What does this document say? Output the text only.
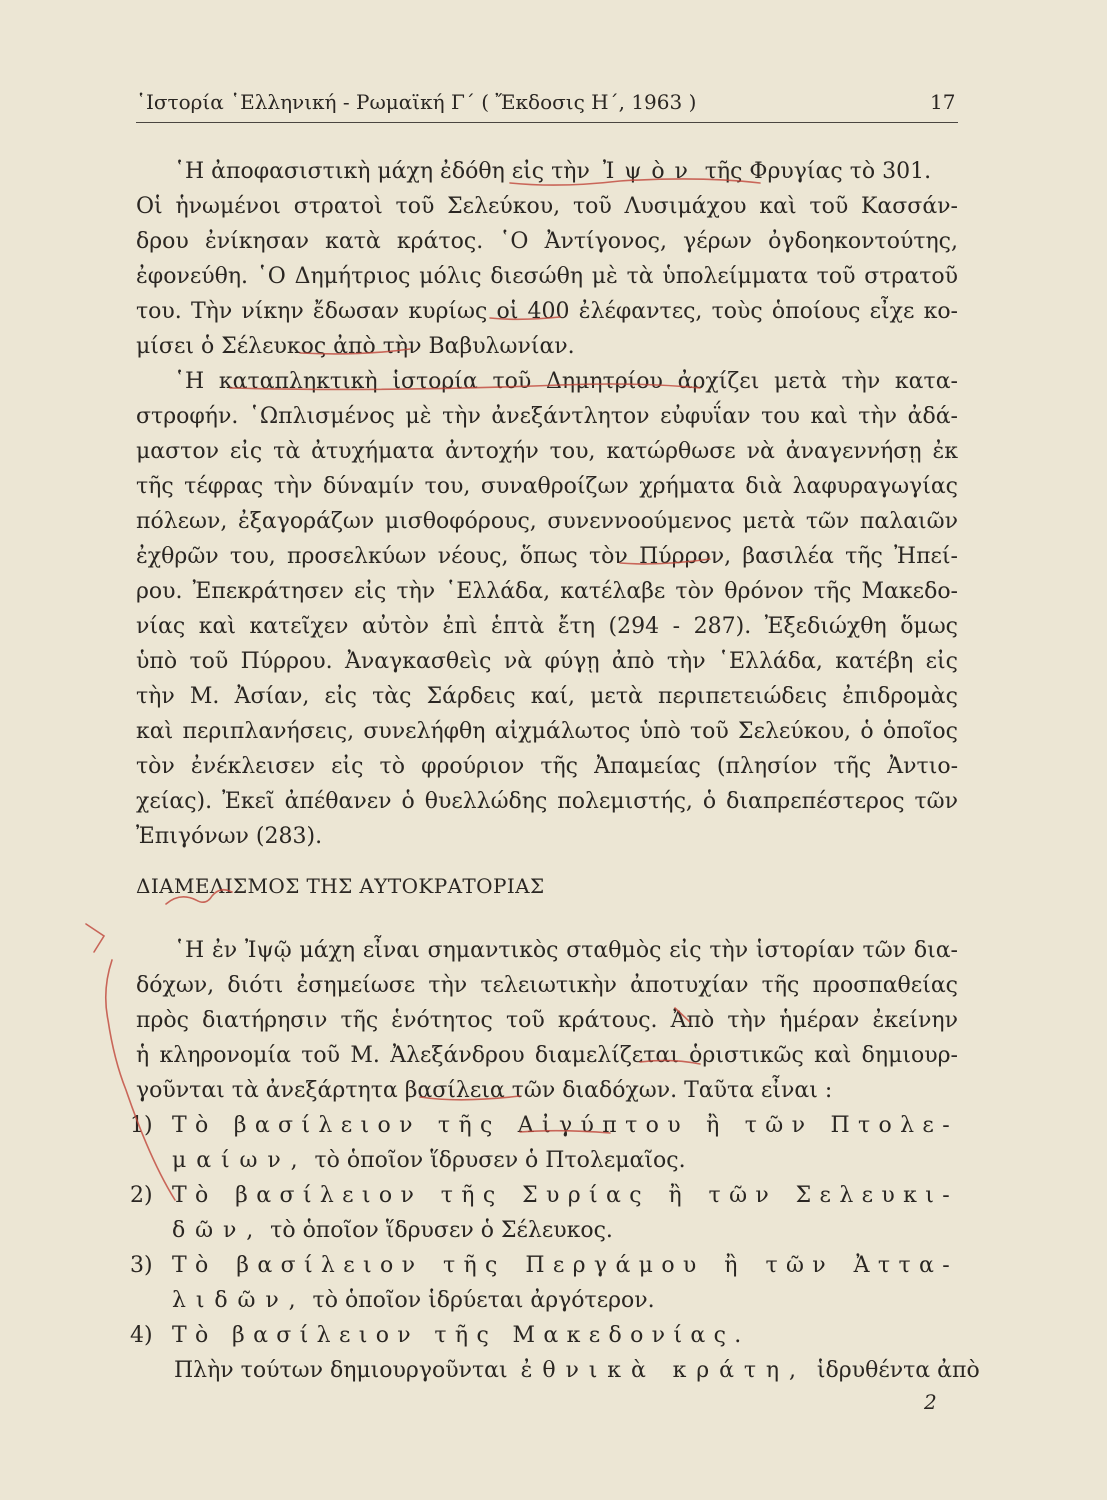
῾Ιστορία ῾Ελληνική - Ρωμαϊκή Γ΄ ( Ἔκδοσις Η΄, 1963 )	17
῾Η ἀποφασιστικὴ μάχη ἐδόθη εἰς τὴν Ἰψὸν τῆς Φρυγίας τὸ 301.
Οἱ ἡνωμένοι στρατοὶ τοῦ Σελεύκου, τοῦ Λυσιμάχου καὶ τοῦ Κασσάν-
δρου ἐνίκησαν κατὰ κράτος. ῾Ο Ἀντίγονος, γέρων ὀγδοηκοντούτης,
ἐφονεύθη. ῾Ο Δημήτριος μόλις διεσώθη μὲ τὰ ὑπολείμματα τοῦ στρατοῦ
του. Τὴν νίκην ἔδωσαν κυρίως οἱ 400 ἐλέφαντες, τοὺς ὁποίους εἶχε κο-
μίσει ὁ Σέλευκος ἀπὸ τὴν Βαβυλωνίαν.
῾Η καταπληκτικὴ ἱστορία τοῦ Δημητρίου ἀρχίζει μετὰ τὴν κατα-
στροφήν. ῾Ωπλισμένος μὲ τὴν ἀνεξάντλητον εὐφυΐαν του καὶ τὴν ἀδά-
μαστον εἰς τὰ ἀτυχήματα ἀντοχήν του, κατώρθωσε νὰ ἀναγεννήσῃ ἐκ
τῆς τέφρας τὴν δύναμίν του, συναθροίζων χρήματα διὰ λαφυραγωγίας
πόλεων, ἐξαγοράζων μισθοφόρους, συνεννοούμενος μετὰ τῶν παλαιῶν
ἐχθρῶν του, προσελκύων νέους, ὅπως τὸν Πύρρον, βασιλέα τῆς Ἠπεί-
ρου. Ἐπεκράτησεν εἰς τὴν ῾Ελλάδα, κατέλαβε τὸν θρόνον τῆς Μακεδο-
νίας καὶ κατεῖχεν αὐτὸν ἐπὶ ἑπτὰ ἔτη (294 - 287). Ἐξεδιώχθη ὅμως
ὑπὸ τοῦ Πύρρου. Ἀναγκασθεὶς νὰ φύγῃ ἀπὸ τὴν ῾Ελλάδα, κατέβη εἰς
τὴν Μ. Ἀσίαν, εἰς τὰς Σάρδεις καί, μετὰ περιπετειώδεις ἐπιδρομὰς
καὶ περιπλανήσεις, συνελήφθη αἰχμάλωτος ὑπὸ τοῦ Σελεύκου, ὁ ὁποῖος
τὸν ἐνέκλεισεν εἰς τὸ φρούριον τῆς Ἀπαμείας (πλησίον τῆς Ἀντιο-
χείας). Ἐκεῖ ἀπέθανεν ὁ θυελλώδης πολεμιστής, ὁ διαπρεπέστερος τῶν
Ἐπιγόνων (283).
ΔΙΑΜΕΛΙΣΜΟΣ ΤΗΣ ΑΥΤΟΚΡΑΤΟΡΙΑΣ
῾Η ἐν Ἰψῷ μάχη εἶναι σημαντικὸς σταθμὸς εἰς τὴν ἱστορίαν τῶν δια-
δόχων, διότι ἐσημείωσε τὴν τελειωτικὴν ἀποτυχίαν τῆς προσπαθείας
πρὸς διατήρησιν τῆς ἑνότητος τοῦ κράτους. Ἀπὸ τὴν ἡμέραν ἐκείνην
ἡ κληρονομία τοῦ Μ. Ἀλεξάνδρου διαμελίζεται ὁριστικῶς καὶ δημιουρ-
γοῦνται τὰ ἀνεξάρτητα βασίλεια τῶν διαδόχων. Ταῦτα εἶναι :
1) Τὸ βασίλειον τῆς Αἰγύπτου ἢ τῶν Πτολε-
μαίων, τὸ ὁποῖον ἵδρυσεν ὁ Πτολεμαῖος.
2) Τὸ βασίλειον τῆς Συρίας ἢ τῶν Σελευκι-
δῶν, τὸ ὁποῖον ἵδρυσεν ὁ Σέλευκος.
3) Τὸ βασίλειον τῆς Περγάμου ἢ τῶν Ἀττα-
λιδῶν, τὸ ὁποῖον ἱδρύεται ἀργότερον.
4) Τὸ βασίλειον τῆς Μακεδονίας.
Πλὴν τούτων δημιουργοῦνται ἐθνικὰ κράτη, ἱδρυθέντα ἀπὸ
2
